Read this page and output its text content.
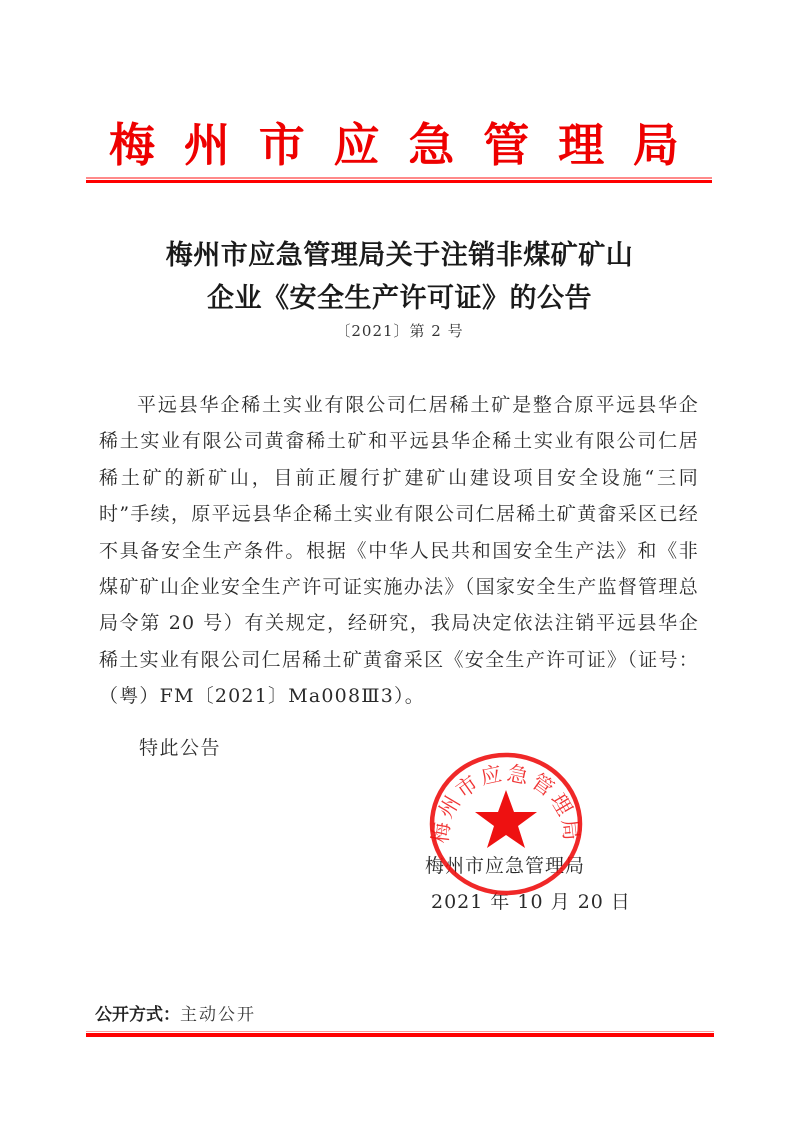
梅 州 市 应 急 管 理 局
梅州市应急管理局关于注销非煤矿矿山
企业《安全生产许可证》的公告
〔2021〕第 2 号
平远县华企稀土实业有限公司仁居稀土矿是整合原平远县华企稀土实业有限公司黄畲稀土矿和平远县华企稀土实业有限公司仁居稀土矿的新矿山，目前正履行扩建矿山建设项目安全设施“三同时”手续，原平远县华企稀土实业有限公司仁居稀土矿黄畲采区已经不具备安全生产条件。根据《中华人民共和国安全生产法》和《非煤矿矿山企业安全生产许可证实施办法》（国家安全生产监督管理总局令第 20 号）有关规定，经研究，我局决定依法注销平远县华企稀土实业有限公司仁居稀土矿黄畲采区《安全生产许可证》（证号：（粤）FM〔2021〕Ma008Ⅲ3）。
特此公告
梅州市应急管理局
2021 年 10 月 20 日
梅州市应急管理局
公开方式：主动公开
